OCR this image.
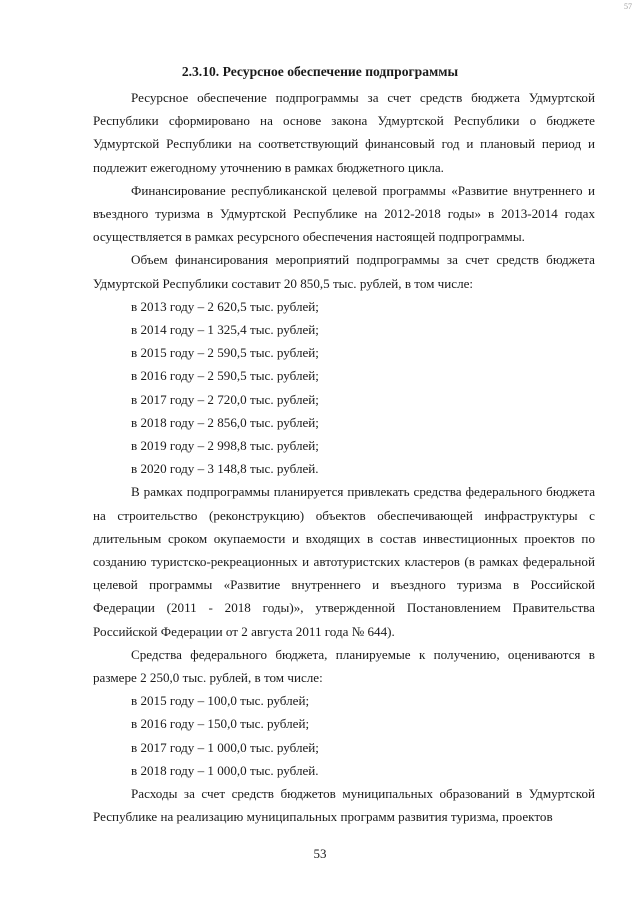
57
2.3.10. Ресурсное обеспечение подпрограммы

Ресурсное обеспечение подпрограммы за счет средств бюджета Удмуртской Республики сформировано на основе закона Удмуртской Республики о бюджете Удмуртской Республики на соответствующий финансовый год и плановый период и подлежит ежегодному уточнению в рамках бюджетного цикла.

Финансирование республиканской целевой программы «Развитие внутреннего и въездного туризма в Удмуртской Республике на 2012-2018 годы» в 2013-2014 годах осуществляется в рамках ресурсного обеспечения настоящей подпрограммы.

Объем финансирования мероприятий подпрограммы за счет средств бюджета Удмуртской Республики составит 20 850,5 тыс. рублей, в том числе:

в 2013 году – 2 620,5 тыс. рублей;

в 2014 году – 1 325,4 тыс. рублей;

в 2015 году – 2 590,5 тыс. рублей;

в 2016 году – 2 590,5 тыс. рублей;

в 2017 году – 2 720,0 тыс. рублей;

в 2018 году – 2 856,0 тыс. рублей;

в 2019 году – 2 998,8 тыс. рублей;

в 2020 году – 3 148,8 тыс. рублей.

В рамках подпрограммы планируется привлекать средства федерального бюджета на строительство (реконструкцию) объектов обеспечивающей инфраструктуры с длительным сроком окупаемости и входящих в состав инвестиционных проектов по созданию туристско-рекреационных и автотуристских кластеров (в рамках федеральной целевой программы «Развитие внутреннего и въездного туризма в Российской Федерации (2011 - 2018 годы)», утвержденной Постановлением Правительства Российской Федерации от 2 августа 2011 года № 644).

Средства федерального бюджета, планируемые к получению, оцениваются в размере 2 250,0 тыс. рублей, в том числе:

в 2015 году – 100,0 тыс. рублей;

в 2016 году – 150,0 тыс. рублей;

в 2017 году – 1 000,0 тыс. рублей;

в 2018 году – 1 000,0 тыс. рублей.

Расходы за счет средств бюджетов муниципальных образований в Удмуртской Республике на реализацию муниципальных программ развития туризма, проектов

53
